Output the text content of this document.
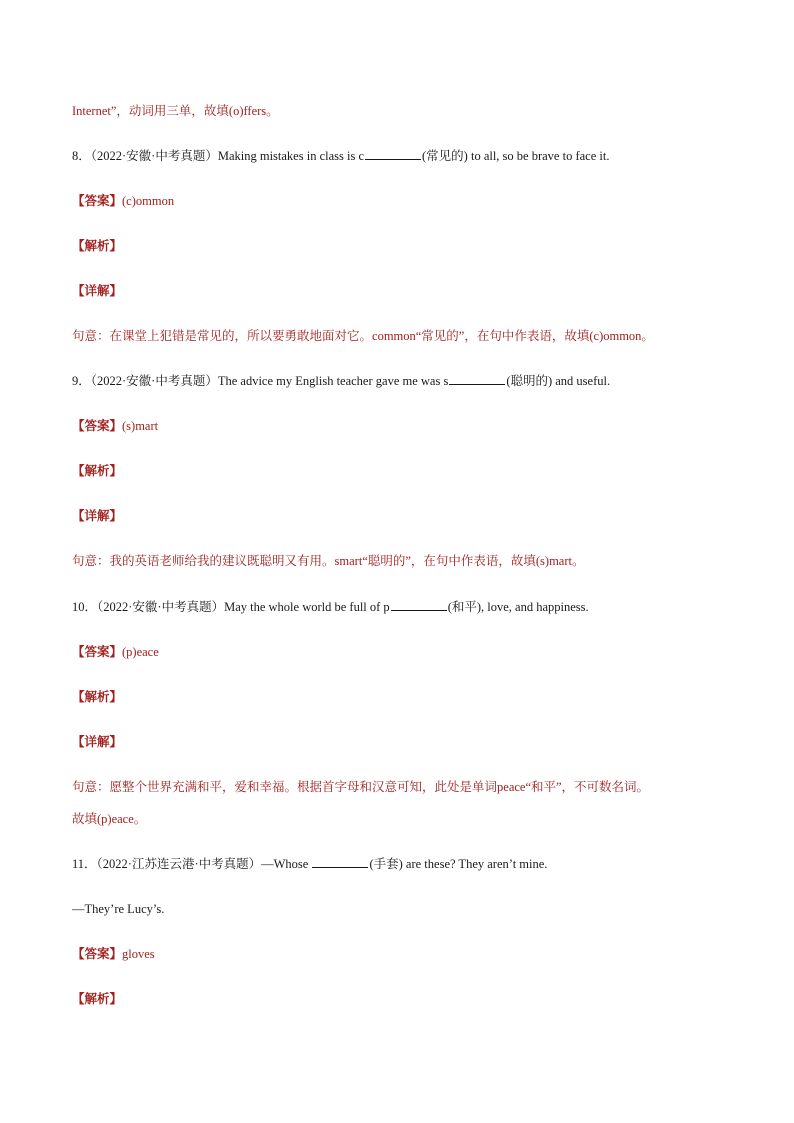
Internet”，动词用三单，故填(o)ffers。
8．（2022·安徽·中考真题）Making mistakes in class is c	(常见的) to all, so be brave to face it.
【答案】(c)ommon
【解析】
【详解】
句意：在课堂上犯错是常见的，所以要勇敢地面对它。common“常见的”，在句中作表语，故填(c)ommon。
9．（2022·安徽·中考真题）The advice my English teacher gave me was s	(聪明的) and useful.
【答案】(s)mart
【解析】
【详解】
句意：我的英语老师给我的建议既聪明又有用。smart“聪明的”，在句中作表语，故填(s)mart。
10．（2022·安徽·中考真题）May the whole world be full of p	(和平), love, and happiness.
【答案】(p)eace
【解析】
【详解】
句意：愿整个世界充满和平，爱和幸福。根据首字母和汉意可知，此处是单词peace“和平”，不可数名词。
故填(p)eace。
11．（2022·江苏连云港·中考真题）—Whose	(手套) are these? They aren’t mine.
—They’re Lucy’s.
【答案】gloves
【解析】
